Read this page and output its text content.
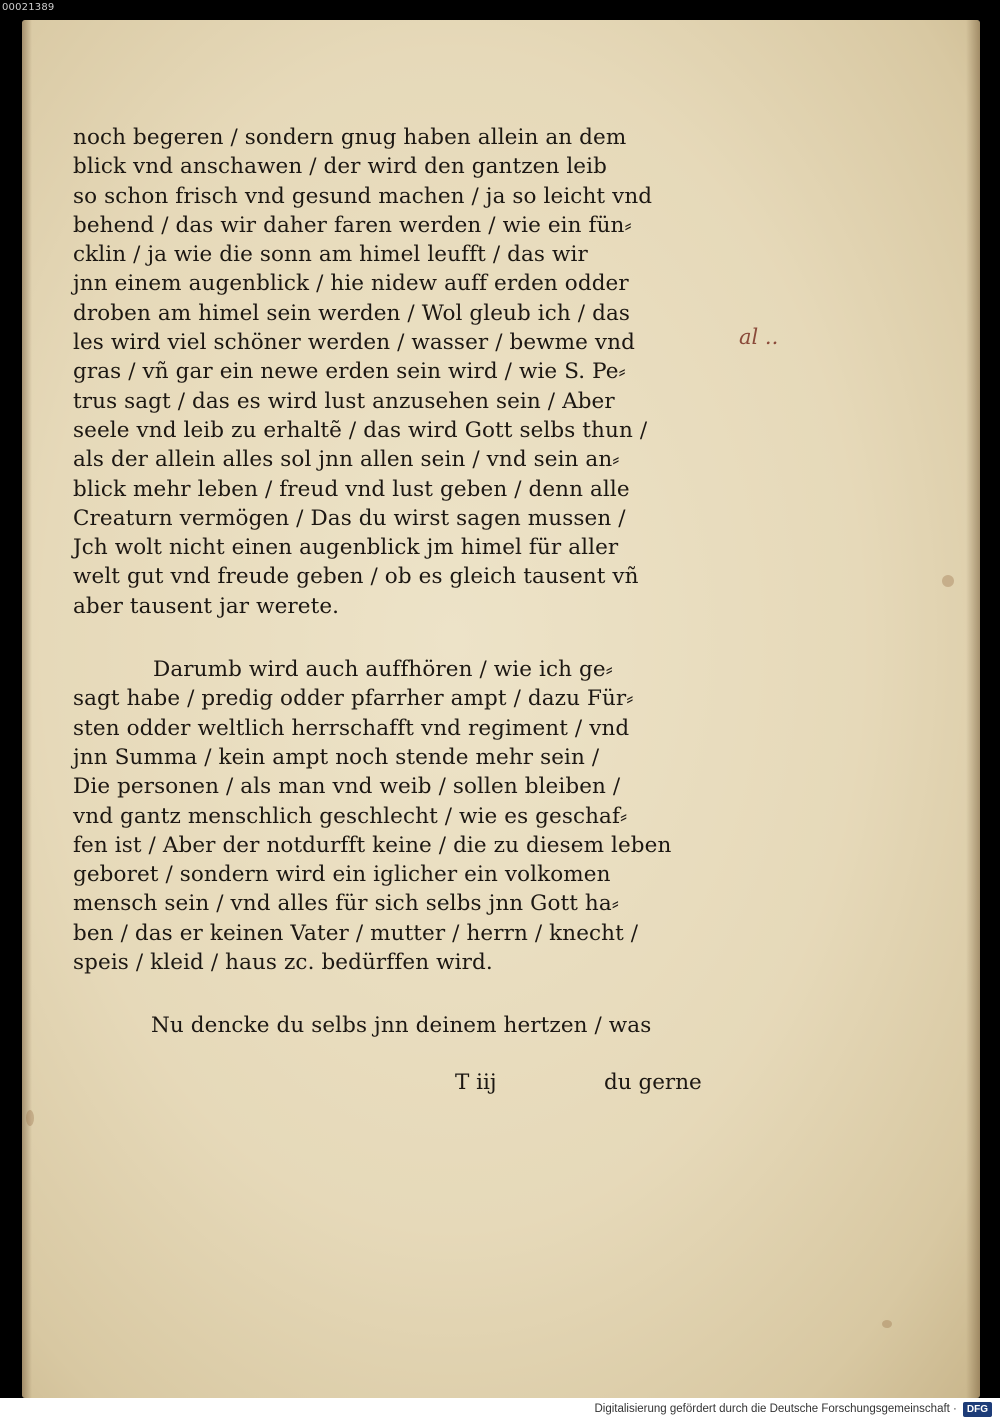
00021389
noch begeren / sondern gnug haben allein an dem
blick vnd anschawen / der wird den gantzen leib
so schon frisch vnd gesund machen / ja so leicht vnd
behend / das wir daher faren werden / wie ein fün⸗
cklin / ja wie die sonn am himel leufft / das wir
jnn einem augenblick / hie nidew auff erden odder
droben am himel sein werden / Wol gleub ich / das
les wird viel schöner werden / wasser / bewme vnd
gras / vñ gar ein newe erden sein wird / wie S. Pe⸗
trus sagt / das es wird lust anzusehen sein / Aber
seele vnd leib zu erhaltẽ / das wird Gott selbs thun /
als der allein alles sol jnn allen sein / vnd sein an⸗
blick mehr leben / freud vnd lust geben / denn alle
Creaturn vermögen / Das du wirst sagen mussen /
Jch wolt nicht einen augenblick jm himel für aller
welt gut vnd freude geben / ob es gleich tausent vñ
aber tausent jar werete.
Darumb wird auch auffhören / wie ich ge⸗
sagt habe / predig odder pfarrher ampt / dazu Für⸗
sten odder weltlich herrschafft vnd regiment / vnd
jnn Summa / kein ampt noch stende mehr sein /
Die personen / als man vnd weib / sollen bleiben /
vnd gantz menschlich geschlecht / wie es geschaf⸗
fen ist / Aber der notdurfft keine / die zu diesem leben
geboret / sondern wird ein iglicher ein volkomen
mensch sein / vnd alles für sich selbs jnn Gott ha⸗
ben / das er keinen Vater / mutter / herrn / knecht /
speis / kleid / haus zc. bedürffen wird.
Nu dencke du selbs jnn deinem hertzen / was
al ..
T iij	du gerne
Digitalisierung gefördert durch die Deutsche Forschungsgemeinschaft ·	DFG
